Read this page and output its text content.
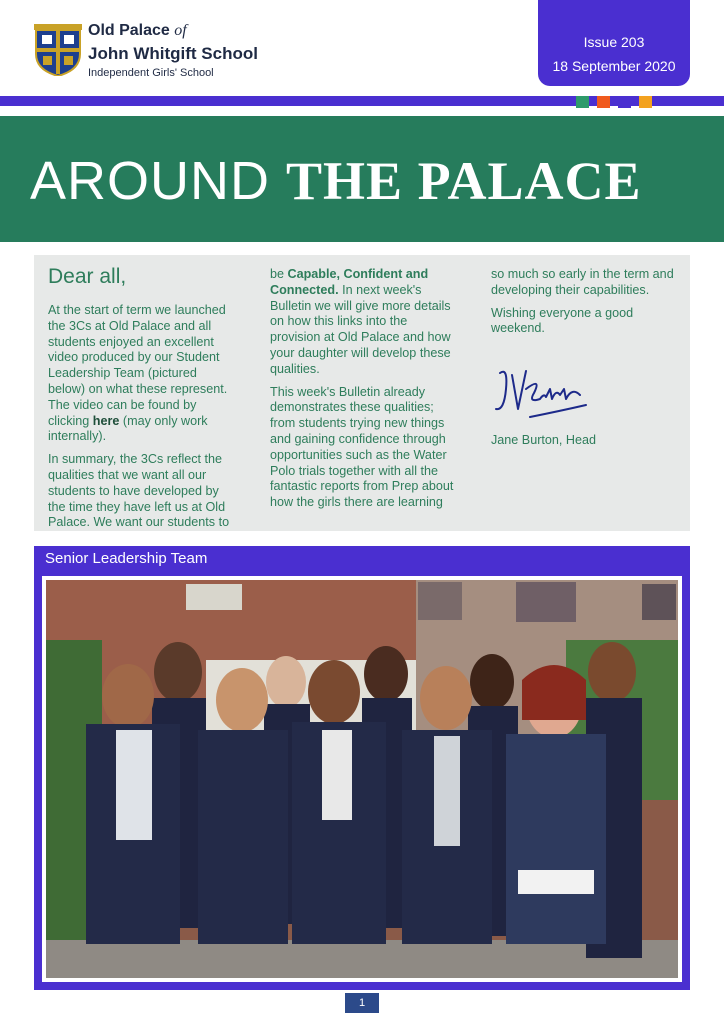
Old Palace of
John Whitgift School
Independent Girls' School
Issue 203
18 September 2020
AROUND THE PALACE
Dear all,

At the start of term we launched the 3Cs at Old Palace and all students enjoyed an excellent video produced by our Student Leadership Team (pictured below) on what these represent. The video can be found by clicking here (may only work internally).

In summary, the 3Cs reflect the qualities that we want all our students to have developed by the time they have left us at Old Palace. We want our students to

be Capable, Confident and Connected. In next week's Bulletin we will give more details on how this links into the provision at Old Palace and how your daughter will develop these qualities.

This week's Bulletin already demonstrates these qualities; from students trying new things and gaining confidence through opportunities such as the Water Polo trials together with all the fantastic reports from Prep about how the girls there are learning

so much so early in the term and developing their capabilities.

Wishing everyone a good weekend.

Jane Burton, Head
Senior Leadership Team
1
